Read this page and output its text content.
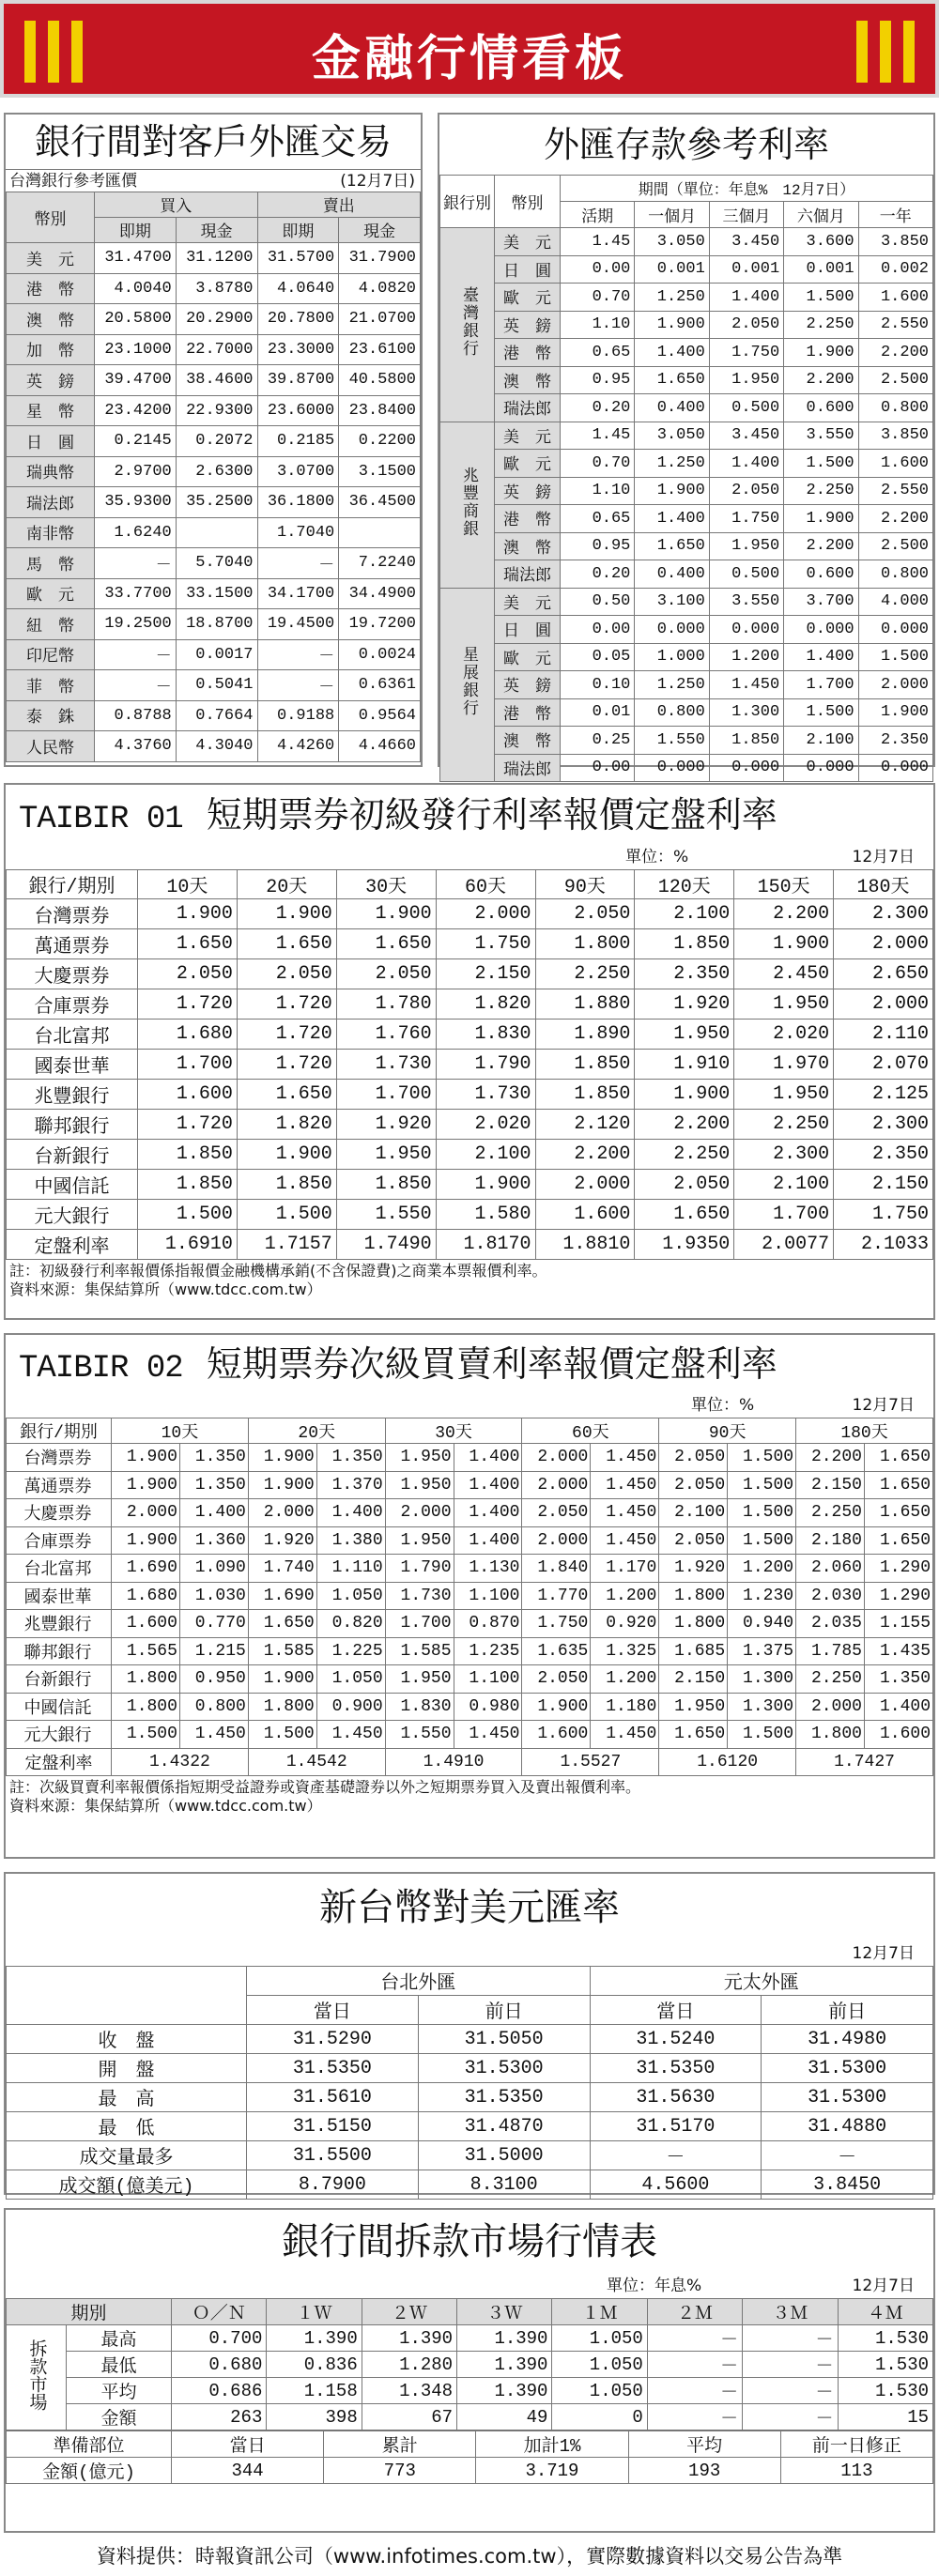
金融行情看板
銀行間對客戶外匯交易
台灣銀行參考匯價	(12月7日)
幣別	買入		賣出	
	即期	現金	即期	現金
美　元	31.4700	31.1200	31.5700	31.7900
港　幣	4.0040	3.8780	4.0640	4.0820
澳　幣	20.5800	20.2900	20.7800	21.0700
加　幣	23.1000	22.7000	23.3000	23.6100
英　鎊	39.4700	38.4600	39.8700	40.5800
星　幣	23.4200	22.9300	23.6000	23.8400
日　圓	0.2145	0.2072	0.2185	0.2200
瑞典幣	2.9700	2.6300	3.0700	3.1500
瑞法郎	35.9300	35.2500	36.1800	36.4500
南非幣	1.6240		1.7040	
馬　幣	－	5.7040	－	7.2240
歐　元	33.7700	33.1500	34.1700	34.4900
紐　幣	19.2500	18.8700	19.4500	19.7200
印尼幣	－	0.0017	－	0.0024
菲　幣	－	0.5041	－	0.6361
泰　銖	0.8788	0.7664	0.9188	0.9564
人民幣	4.3760	4.3040	4.4260	4.4660
外匯存款參考利率
銀行別	幣別	期間（單位：年息%　12月7日）				
		活期	一個月	三個月	六個月	一年
臺灣銀行	美　元	1.45	3.050	3.450	3.600	3.850
	日　圓	0.00	0.001	0.001	0.001	0.002
	歐　元	0.70	1.250	1.400	1.500	1.600
	英　鎊	1.10	1.900	2.050	2.250	2.550
	港　幣	0.65	1.400	1.750	1.900	2.200
	澳　幣	0.95	1.650	1.950	2.200	2.500
	瑞法郎	0.20	0.400	0.500	0.600	0.800
兆豐商銀	美　元	1.45	3.050	3.450	3.550	3.850
	歐　元	0.70	1.250	1.400	1.500	1.600
	英　鎊	1.10	1.900	2.050	2.250	2.550
	港　幣	0.65	1.400	1.750	1.900	2.200
	澳　幣	0.95	1.650	1.950	2.200	2.500
	瑞法郎	0.20	0.400	0.500	0.600	0.800
星展銀行	美　元	0.50	3.100	3.550	3.700	4.000
	日　圓	0.00	0.000	0.000	0.000	0.000
	歐　元	0.05	1.000	1.200	1.400	1.500
	英　鎊	0.10	1.250	1.450	1.700	2.000
	港　幣	0.01	0.800	1.300	1.500	1.900
	澳　幣	0.25	1.550	1.850	2.100	2.350
	瑞法郎	0.00	0.000	0.000	0.000	0.000
TAIBIR 01 短期票券初級發行利率報價定盤利率
單位：%	12月7日
銀行/期別	10天	20天	30天	60天	90天	120天	150天	180天
台灣票券	1.900	1.900	1.900	2.000	2.050	2.100	2.200	2.300
萬通票券	1.650	1.650	1.650	1.750	1.800	1.850	1.900	2.000
大慶票券	2.050	2.050	2.050	2.150	2.250	2.350	2.450	2.650
合庫票券	1.720	1.720	1.780	1.820	1.880	1.920	1.950	2.000
台北富邦	1.680	1.720	1.760	1.830	1.890	1.950	2.020	2.110
國泰世華	1.700	1.720	1.730	1.790	1.850	1.910	1.970	2.070
兆豐銀行	1.600	1.650	1.700	1.730	1.850	1.900	1.950	2.125
聯邦銀行	1.720	1.820	1.920	2.020	2.120	2.200	2.250	2.300
台新銀行	1.850	1.900	1.950	2.100	2.200	2.250	2.300	2.350
中國信託	1.850	1.850	1.850	1.900	2.000	2.050	2.100	2.150
元大銀行	1.500	1.500	1.550	1.580	1.600	1.650	1.700	1.750
定盤利率	1.6910	1.7157	1.7490	1.8170	1.8810	1.9350	2.0077	2.1033
註：初級發行利率報價係指報價金融機構承銷(不含保證費)之商業本票報價利率。
資料來源：集保結算所（www.tdcc.com.tw）
TAIBIR 02 短期票券次級買賣利率報價定盤利率
單位：%	12月7日
銀行/期別	10天		20天		30天		60天		90天		180天	
台灣票券	1.900	1.350	1.900	1.350	1.950	1.400	2.000	1.450	2.050	1.500	2.200	1.650
萬通票券	1.900	1.350	1.900	1.370	1.950	1.400	2.000	1.450	2.050	1.500	2.150	1.650
大慶票券	2.000	1.400	2.000	1.400	2.000	1.400	2.050	1.450	2.100	1.500	2.250	1.650
合庫票券	1.900	1.360	1.920	1.380	1.950	1.400	2.000	1.450	2.050	1.500	2.180	1.650
台北富邦	1.690	1.090	1.740	1.110	1.790	1.130	1.840	1.170	1.920	1.200	2.060	1.290
國泰世華	1.680	1.030	1.690	1.050	1.730	1.100	1.770	1.200	1.800	1.230	2.030	1.290
兆豐銀行	1.600	0.770	1.650	0.820	1.700	0.870	1.750	0.920	1.800	0.940	2.035	1.155
聯邦銀行	1.565	1.215	1.585	1.225	1.585	1.235	1.635	1.325	1.685	1.375	1.785	1.435
台新銀行	1.800	0.950	1.900	1.050	1.950	1.100	2.050	1.200	2.150	1.300	2.250	1.350
中國信託	1.800	0.800	1.800	0.900	1.830	0.980	1.900	1.180	1.950	1.300	2.000	1.400
元大銀行	1.500	1.450	1.500	1.450	1.550	1.450	1.600	1.450	1.650	1.500	1.800	1.600
定盤利率	1.4322		1.4542		1.4910		1.5527		1.6120		1.7427	
註：次級買賣利率報價係指短期受益證券或資產基礎證券以外之短期票券買入及賣出報價利率。
資料來源：集保結算所（www.tdcc.com.tw）
新台幣對美元匯率
12月7日
	台北外匯		元太外匯	
	當日	前日	當日	前日
收　盤	31.5290	31.5050	31.5240	31.4980
開　盤	31.5350	31.5300	31.5350	31.5300
最　高	31.5610	31.5350	31.5630	31.5300
最　低	31.5150	31.4870	31.5170	31.4880
成交量最多	31.5500	31.5000	－	－
成交額(億美元)	8.7900	8.3100	4.5600	3.8450
銀行間拆款市場行情表
單位：年息%	12月7日
期別		Ｏ／Ｎ	１Ｗ	２Ｗ	３Ｗ	１Ｍ	２Ｍ	３Ｍ	４Ｍ
拆款市場	最高	0.700	1.390	1.390	1.390	1.050	－	－	1.530
	最低	0.680	0.836	1.280	1.390	1.050	－	－	1.530
	平均	0.686	1.158	1.348	1.390	1.050	－	－	1.530
	金額	263	398	67	49	0	－	－	15
準備部位	當日	累計	加計1%	平均	前一日修正
金額(億元)	344	773	3.719	193	113
資料提供：時報資訊公司（www.infotimes.com.tw），實際數據資料以交易公告為準
